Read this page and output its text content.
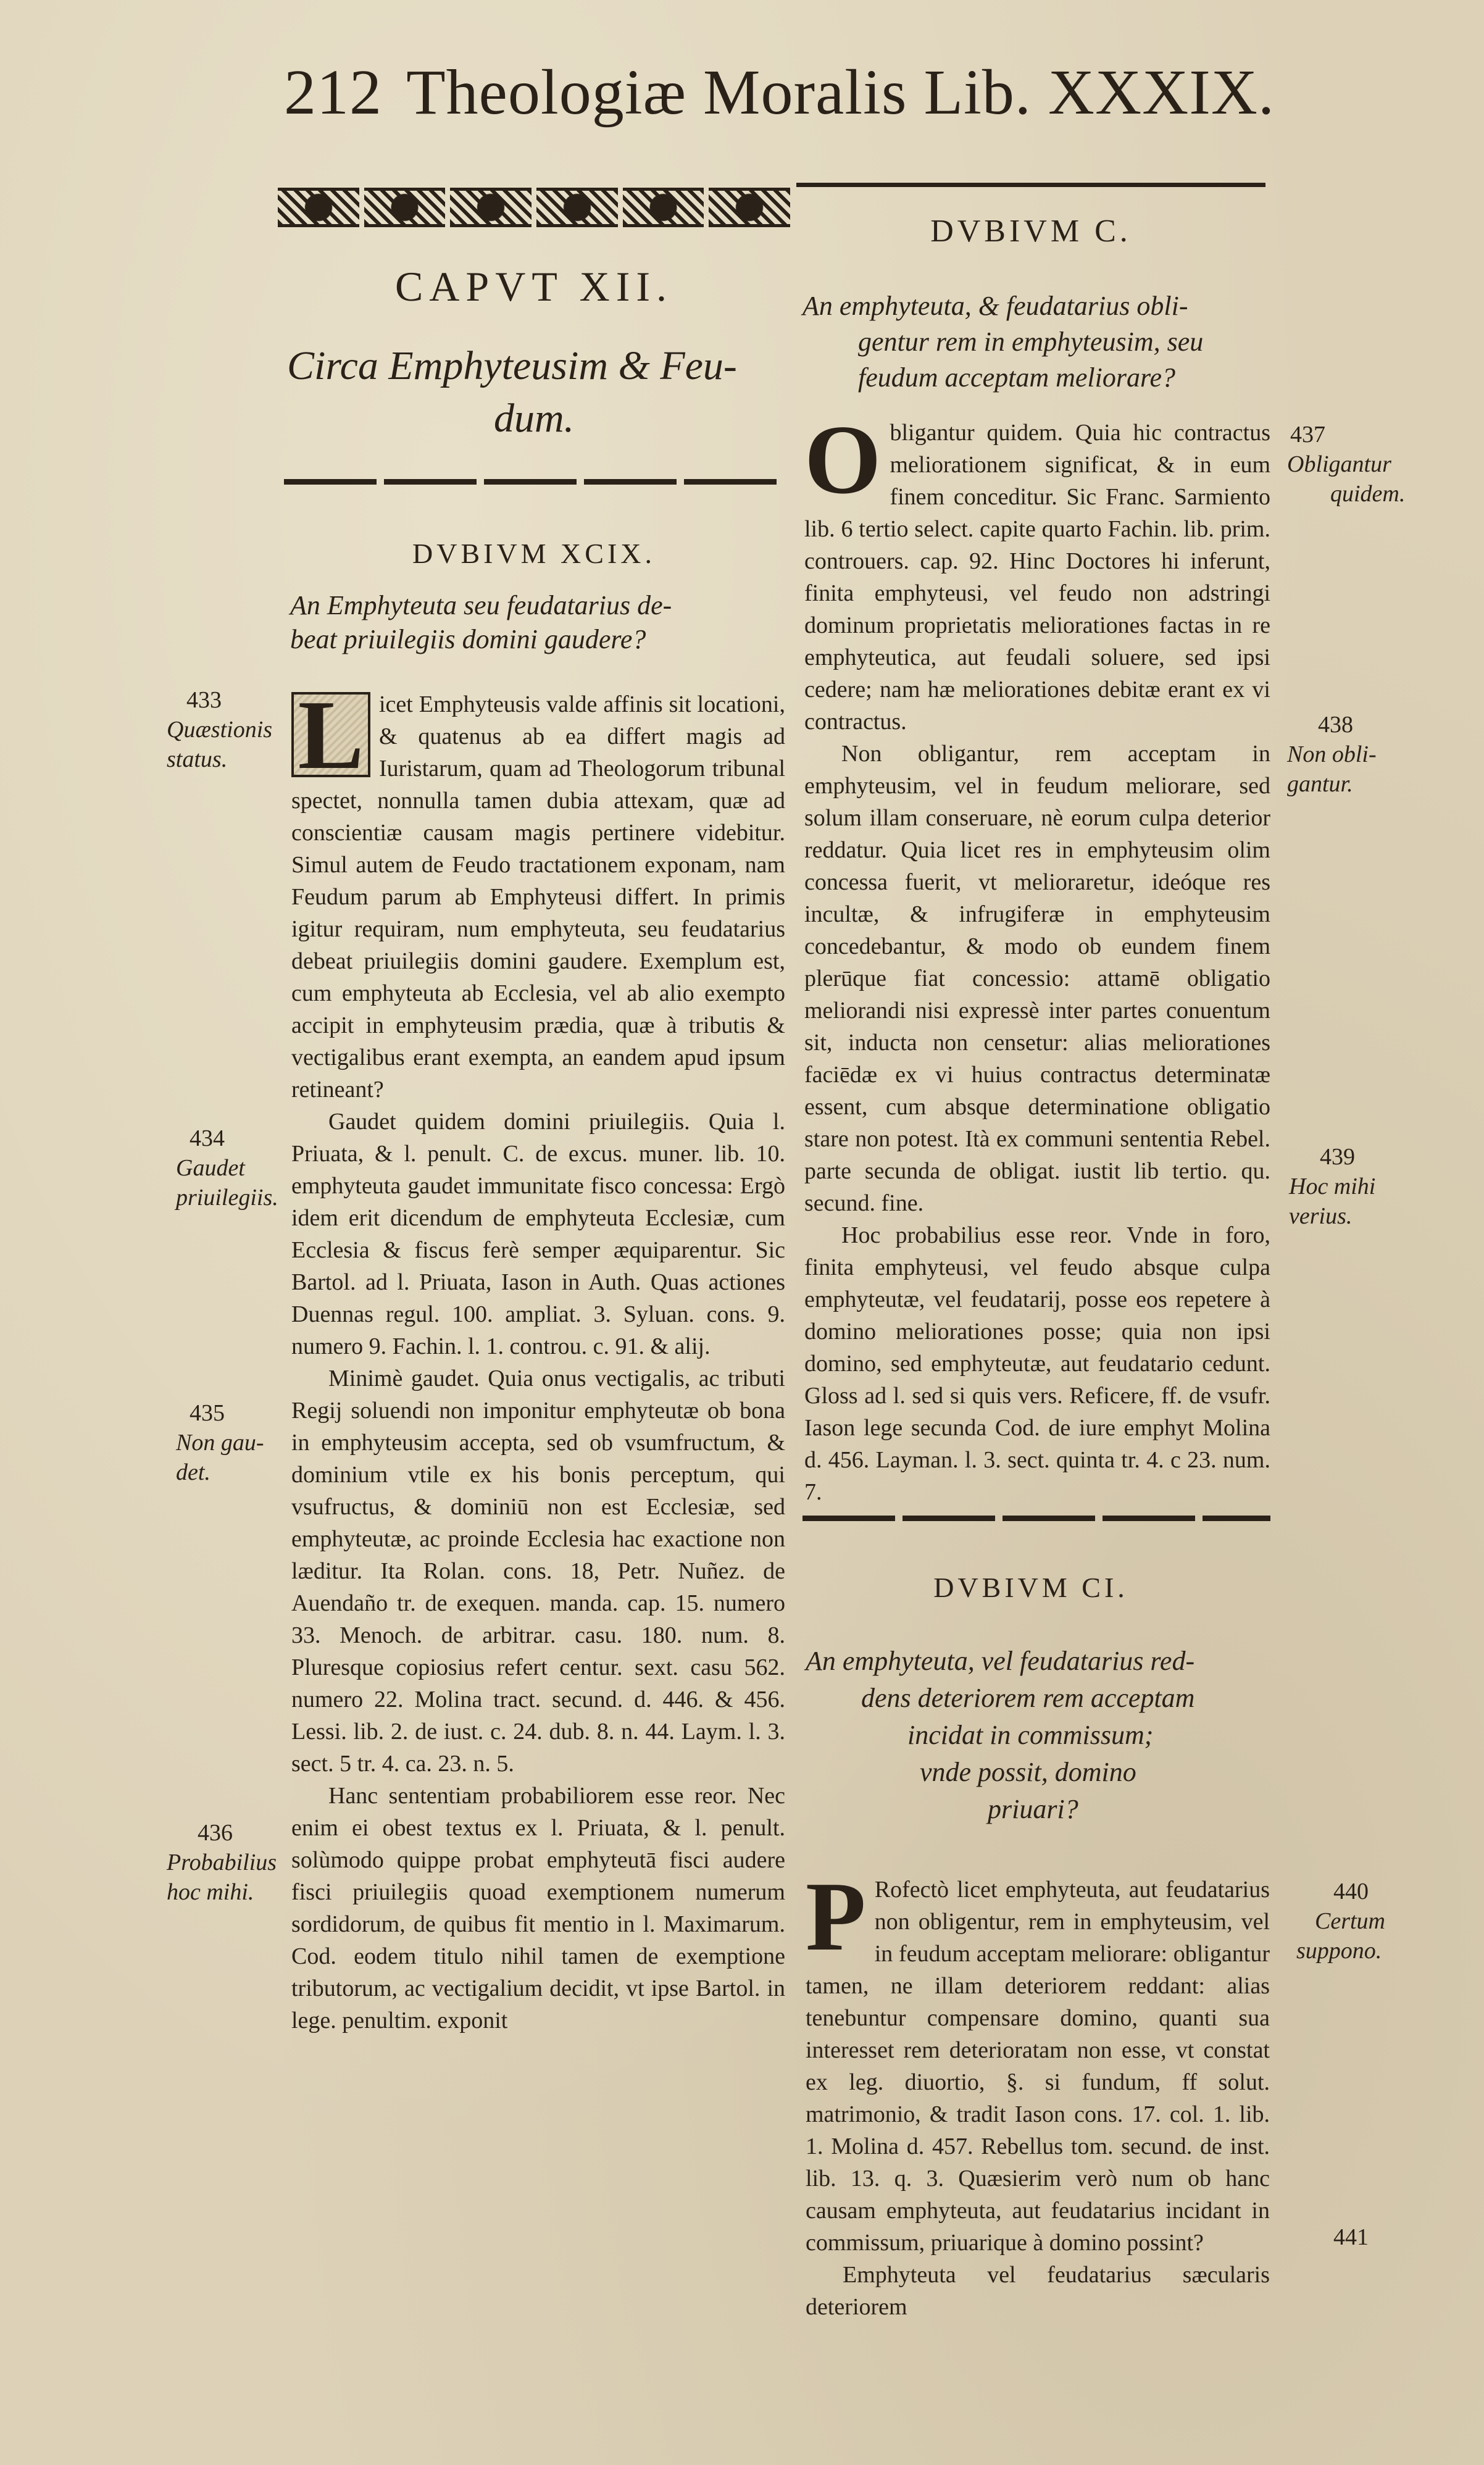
212 Theologiæ Moralis Lib. XXXIX.
CAPVT XII.
Circa Emphyteusim & Feu-
dum.
DVBIVM XCIX.
An Emphyteuta seu feudatarius de-
beat priuilegiis domini gaudere?

L icet Emphyteusis valde affinis sit locationi, & quatenus ab ea differt magis ad Iuristarum, quam ad Theologorum tribunal spectet, nonnulla tamen dubia attexam, quæ ad conscientiæ causam magis pertinere videbitur. Simul autem de Feudo tractationem exponam, nam Feudum parum ab Emphyteusi differt. In primis igitur requiram, num emphyteuta, seu feudatarius debeat priuilegiis domini gaudere. Exemplum est, cum emphyteuta ab Ecclesia, vel ab alio exempto accipit in emphyteusim prædia, quæ à tributis & vectigalibus erant exempta, an eandem apud ipsum retineant?

Gaudet quidem domini priuilegiis. Quia l. Priuata, & l. penult. C. de excus. muner. lib. 10. emphyteuta gaudet immunitate fisco concessa: Ergò idem erit dicendum de emphyteuta Ecclesiæ, cum Ecclesia & fiscus ferè semper æquiparentur. Sic Bartol. ad l. Priuata, Iason in Auth. Quas actiones Duennas regul. 100. ampliat. 3. Syluan. cons. 9. numero 9. Fachin. l. 1. controu. c. 91. & alij.

Minimè gaudet. Quia onus vectigalis, ac tributi Regij soluendi non imponitur emphyteutæ ob bona in emphyteusim accepta, sed ob vsumfructum, & dominium vtile ex his bonis perceptum, qui vsufructus, & dominiū non est Ecclesiæ, sed emphyteutæ, ac proinde Ecclesia hac exactione non læditur. Ita Rolan. cons. 18, Petr. Nuñez. de Auendaño tr. de exequen. manda. cap. 15. numero 33. Menoch. de arbitrar. casu. 180. num. 8. Pluresque copiosius refert centur. sext. casu 562. numero 22. Molina tract. secund. d. 446. & 456. Lessi. lib. 2. de iust. c. 24. dub. 8. n. 44. Laym. l. 3. sect. 5 tr. 4. ca. 23. n. 5.

Hanc sententiam probabiliorem esse reor. Nec enim ei obest textus ex l. Priuata, & l. penult. solùmodo quippe probat emphyteutā fisci audere fisci priuilegiis quoad exemptionem numerum sordidorum, de quibus fit mentio in l. Maximarum. Cod. eodem titulo nihil tamen de exemptione tributorum, ac vectigalium decidit, vt ipse Bartol. in lege. penultim. exponit

433
Quæstionis
status.
434
Gaudet
priuilegiis.
435
Non gau-
det.
436
Probabilius
hoc mihi.
DVBIVM C.
An emphyteuta, & feudatarius obli-
gentur rem in emphyteusim, seu
feudum acceptam meliorare?

Obligantur quidem. Quia hic contractus meliorationem significat, & in eum finem conceditur. Sic Franc. Sarmiento lib. 6 tertio select. capite quarto Fachin. lib. prim. controuers. cap. 92. Hinc Doctores hi inferunt, finita emphyteusi, vel feudo non adstringi dominum proprietatis meliorationes factas in re emphyteutica, aut feudali soluere, sed ipsi cedere; nam hæ meliorationes debitæ erant ex vi contractus.

Non obligantur, rem acceptam in emphyteusim, vel in feudum meliorare, sed solum illam conseruare, nè eorum culpa deterior reddatur. Quia licet res in emphyteusim olim concessa fuerit, vt melioraretur, ideóque res incultæ, & infrugiferæ in emphyteusim concedebantur, & modo ob eundem finem plerūque fiat concessio: attamē obligatio meliorandi nisi expressè inter partes conuentum sit, inducta non censetur: alias meliorationes faciēdæ ex vi huius contractus determinatæ essent, cum absque determinatione obligatio stare non potest. Ità ex communi sententia Rebel. parte secunda de obligat. iustit lib tertio. qu. secund. fine.

Hoc probabilius esse reor. Vnde in foro, finita emphyteusi, vel feudo absque culpa emphyteutæ, vel feudatarij, posse eos repetere à domino meliorationes posse; quia non ipsi domino, sed emphyteutæ, aut feudatario cedunt. Gloss ad l. sed si quis vers. Reficere, ff. de vsufr. Iason lege secunda Cod. de iure emphyt Molina d. 456. Layman. l. 3. sect. quinta tr. 4. c 23. num. 7.

437
Obligantur
quidem.
438
Non obli-
gantur.
439
Hoc mihi
verius.
DVBIVM CI.
An emphyteuta, vel feudatarius red-
dens deteriorem rem acceptam
incidat in commissum;
vnde possit, domino
priuari?

P Rofectò licet emphyteuta, aut feudatarius non obligentur, rem in emphyteusim, vel in feudum acceptam meliorare: obligantur tamen, ne illam deteriorem reddant: alias tenebuntur compensare domino, quanti sua interesset rem deterioratam non esse, vt constat ex leg. diuortio, §. si fundum, ff solut. matrimonio, & tradit Iason cons. 17. col. 1. lib. 1. Molina d. 457. Rebellus tom. secund. de inst. lib. 13. q. 3. Quæsierim verò num ob hanc causam emphyteuta, aut feudatarius incidant in commissum, priuarique à domino possint?

Emphyteuta vel feudatarius sæcularis deteriorem

440
Certum
suppono.
441
